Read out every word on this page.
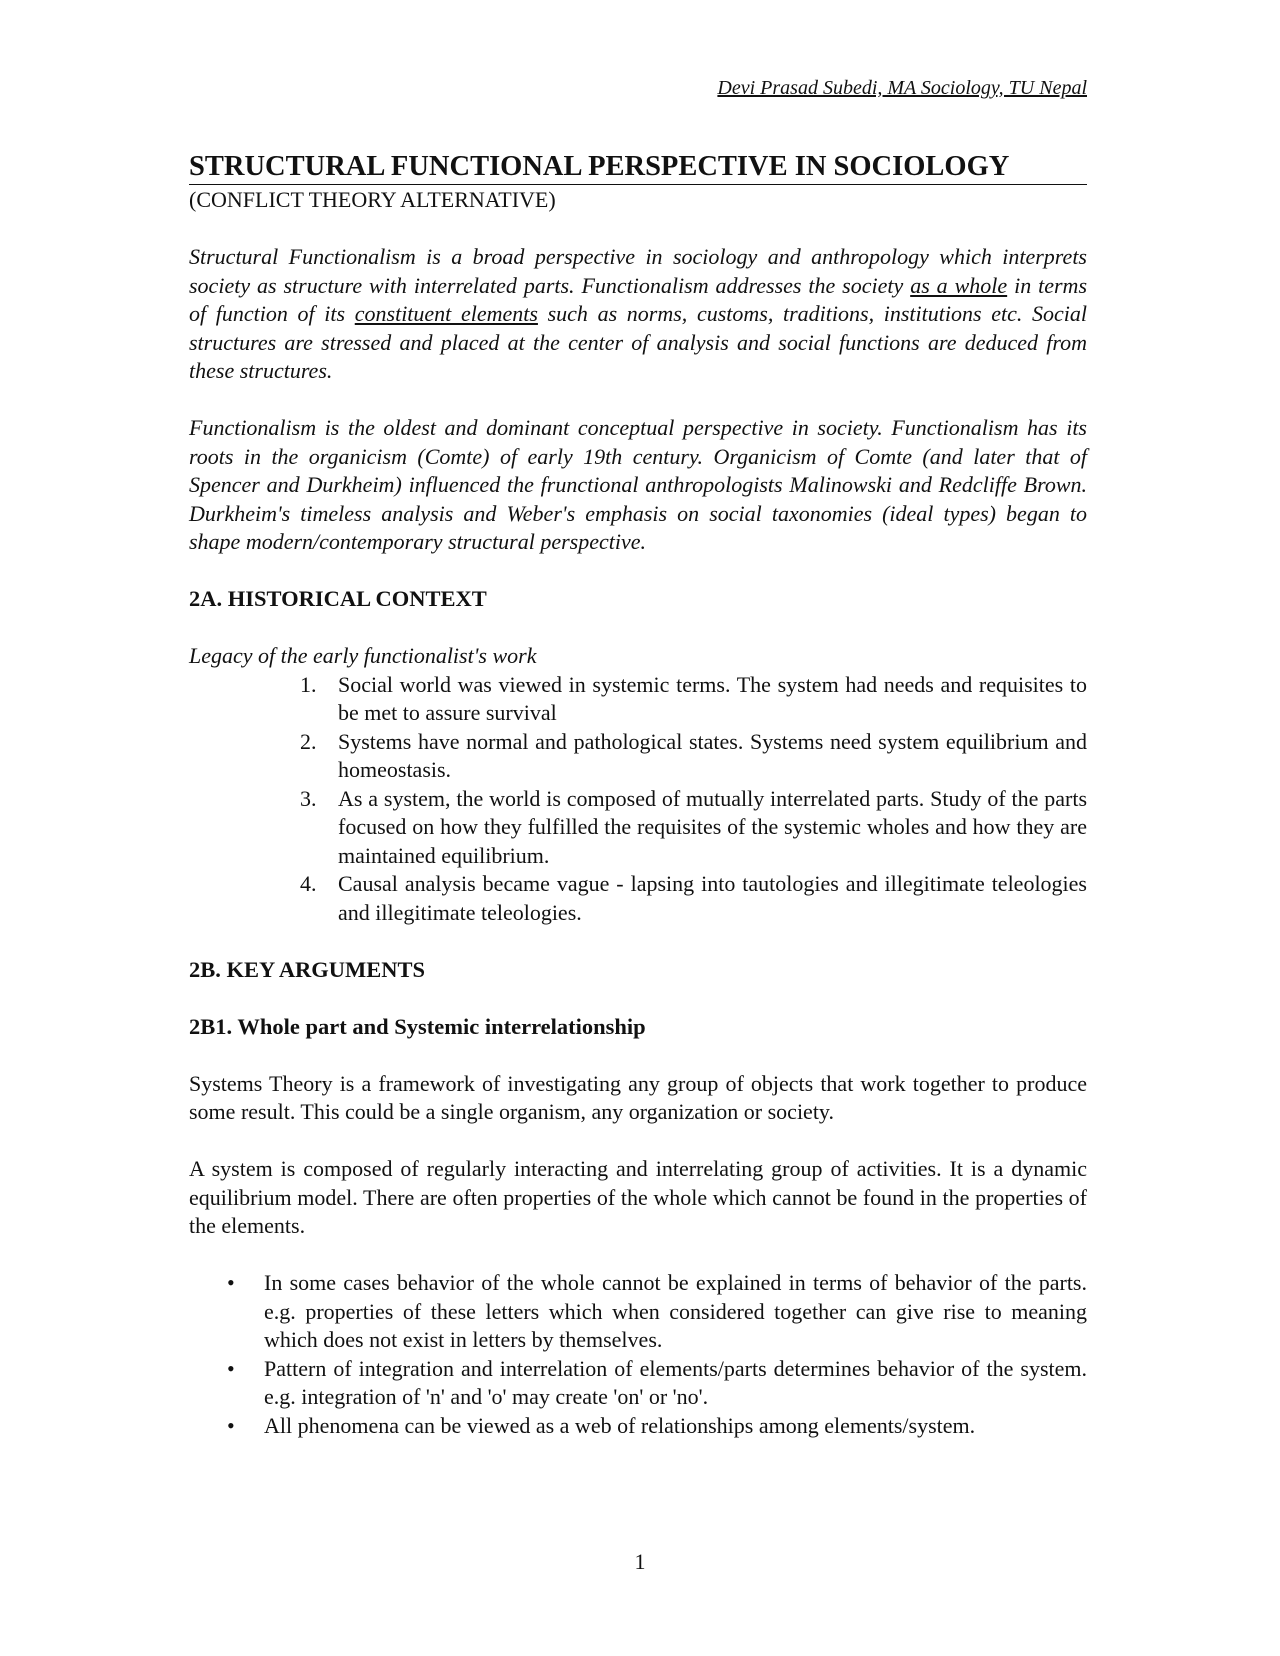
Devi Prasad Subedi, MA Sociology, TU Nepal
STRUCTURAL FUNCTIONAL PERSPECTIVE IN SOCIOLOGY
(CONFLICT THEORY ALTERNATIVE)

Structural Functionalism is a broad perspective in sociology and anthropology which interprets society as structure with interrelated parts. Functionalism addresses the society as a whole in terms of function of its constituent elements such as norms, customs, traditions, institutions etc. Social structures are stressed and placed at the center of analysis and social functions are deduced from these structures.

Functionalism is the oldest and dominant conceptual perspective in society. Functionalism has its roots in the organicism (Comte) of early 19th century. Organicism of Comte (and later that of Spencer and Durkheim) influenced the frunctional anthropologists Malinowski and Redcliffe Brown. Durkheim's timeless analysis and Weber's emphasis on social taxonomies (ideal types) began to shape modern/contemporary structural perspective.

2A. HISTORICAL CONTEXT

Legacy of the early functionalist's work

1. Social world was viewed in systemic terms. The system had needs and requisites to be met to assure survival
2. Systems have normal and pathological states. Systems need system equilibrium and homeostasis.
3. As a system, the world is composed of mutually interrelated parts. Study of the parts focused on how they fulfilled the requisites of the systemic wholes and how they are maintained equilibrium.
4. Causal analysis became vague - lapsing into tautologies and illegitimate teleologies and illegitimate teleologies.
2B. KEY ARGUMENTS
2B1. Whole part and Systemic interrelationship

Systems Theory is a framework of investigating any group of objects that work together to produce some result. This could be a single organism, any organization or society.

A system is composed of regularly interacting and interrelating group of activities. It is a dynamic equilibrium model. There are often properties of the whole which cannot be found in the properties of the elements.

• In some cases behavior of the whole cannot be explained in terms of behavior of the parts. e.g. properties of these letters which when considered together can give rise to meaning which does not exist in letters by themselves.
• Pattern of integration and interrelation of elements/parts determines behavior of the system. e.g. integration of 'n' and 'o' may create 'on' or 'no'.
• All phenomena can be viewed as a web of relationships among elements/system.
1
